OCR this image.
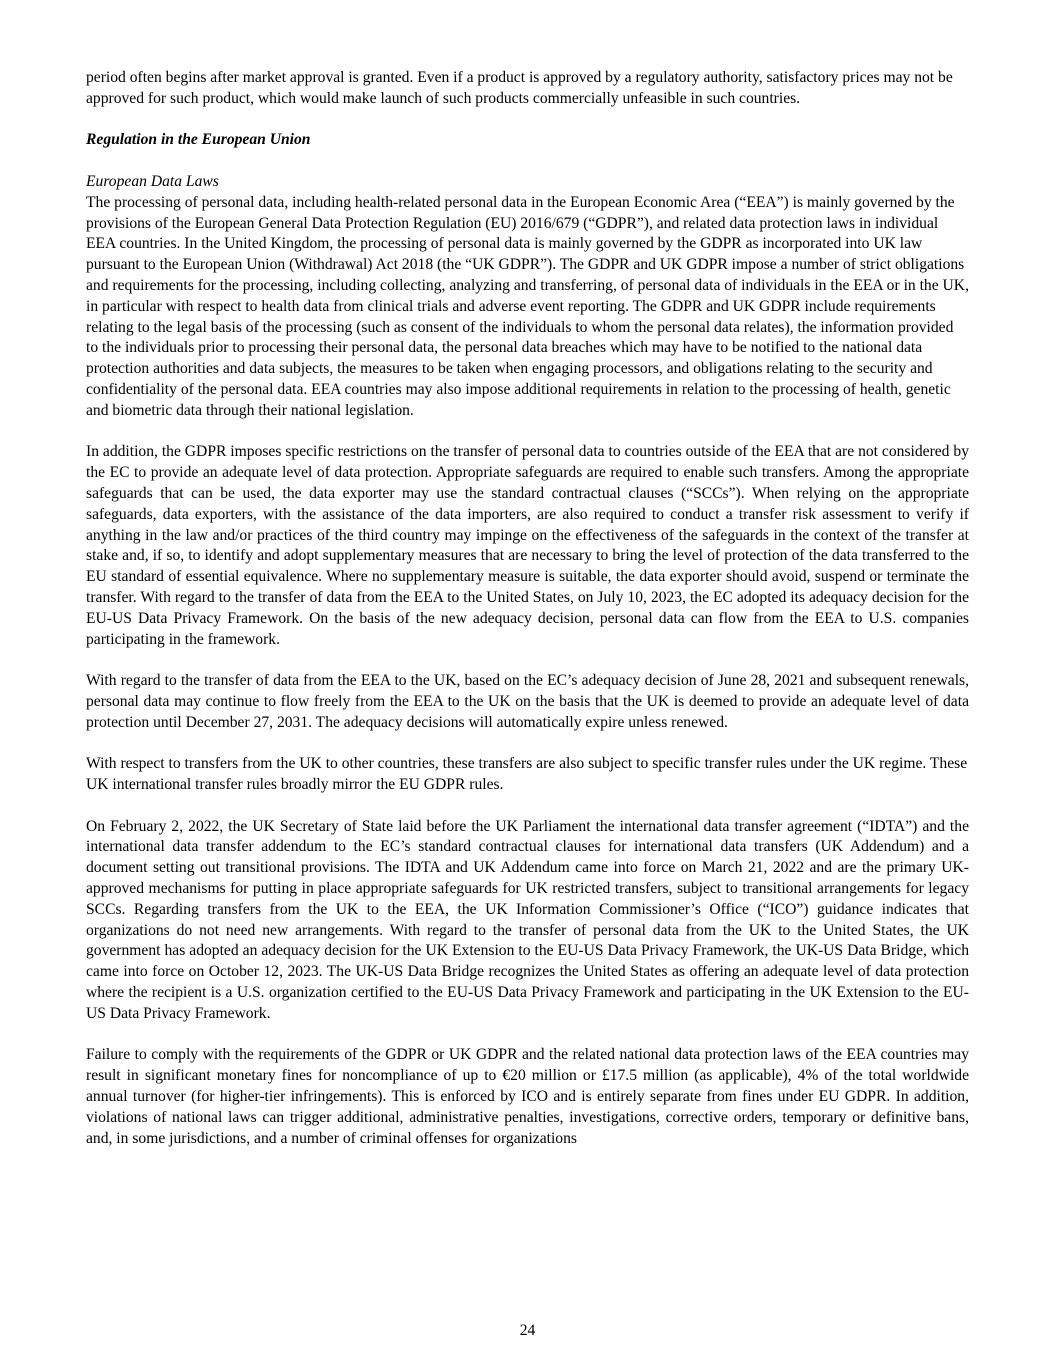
period often begins after market approval is granted. Even if a product is approved by a regulatory authority, satisfactory prices may not be approved for such product, which would make launch of such products commercially unfeasible in such countries.

Regulation in the European Union

European Data Laws

The processing of personal data, including health-related personal data in the European Economic Area (“EEA”) is mainly governed by the provisions of the European General Data Protection Regulation (EU) 2016/679 (“GDPR”), and related data protection laws in individual EEA countries. In the United Kingdom, the processing of personal data is mainly governed by the GDPR as incorporated into UK law pursuant to the European Union (Withdrawal) Act 2018 (the “UK GDPR”). The GDPR and UK GDPR impose a number of strict obligations and requirements for the processing, including collecting, analyzing and transferring, of personal data of individuals in the EEA or in the UK, in particular with respect to health data from clinical trials and adverse event reporting. The GDPR and UK GDPR include requirements relating to the legal basis of the processing (such as consent of the individuals to whom the personal data relates), the information provided to the individuals prior to processing their personal data, the personal data breaches which may have to be notified to the national data protection authorities and data subjects, the measures to be taken when engaging processors, and obligations relating to the security and confidentiality of the personal data. EEA countries may also impose additional requirements in relation to the processing of health, genetic and biometric data through their national legislation.

In addition, the GDPR imposes specific restrictions on the transfer of personal data to countries outside of the EEA that are not considered by the EC to provide an adequate level of data protection. Appropriate safeguards are required to enable such transfers. Among the appropriate safeguards that can be used, the data exporter may use the standard contractual clauses (“SCCs”). When relying on the appropriate safeguards, data exporters, with the assistance of the data importers, are also required to conduct a transfer risk assessment to verify if anything in the law and/or practices of the third country may impinge on the effectiveness of the safeguards in the context of the transfer at stake and, if so, to identify and adopt supplementary measures that are necessary to bring the level of protection of the data transferred to the EU standard of essential equivalence. Where no supplementary measure is suitable, the data exporter should avoid, suspend or terminate the transfer. With regard to the transfer of data from the EEA to the United States, on July 10, 2023, the EC adopted its adequacy decision for the EU-US Data Privacy Framework. On the basis of the new adequacy decision, personal data can flow from the EEA to U.S. companies participating in the framework.

With regard to the transfer of data from the EEA to the UK, based on the EC’s adequacy decision of June 28, 2021 and subsequent renewals, personal data may continue to flow freely from the EEA to the UK on the basis that the UK is deemed to provide an adequate level of data protection until December 27, 2031. The adequacy decisions will automatically expire unless renewed.

With respect to transfers from the UK to other countries, these transfers are also subject to specific transfer rules under the UK regime. These UK international transfer rules broadly mirror the EU GDPR rules.

On February 2, 2022, the UK Secretary of State laid before the UK Parliament the international data transfer agreement (“IDTA”) and the international data transfer addendum to the EC’s standard contractual clauses for international data transfers (UK Addendum) and a document setting out transitional provisions. The IDTA and UK Addendum came into force on March 21, 2022 and are the primary UK-approved mechanisms for putting in place appropriate safeguards for UK restricted transfers, subject to transitional arrangements for legacy SCCs. Regarding transfers from the UK to the EEA, the UK Information Commissioner’s Office (“ICO”) guidance indicates that organizations do not need new arrangements. With regard to the transfer of personal data from the UK to the United States, the UK government has adopted an adequacy decision for the UK Extension to the EU-US Data Privacy Framework, the UK-US Data Bridge, which came into force on October 12, 2023. The UK-US Data Bridge recognizes the United States as offering an adequate level of data protection where the recipient is a U.S. organization certified to the EU-US Data Privacy Framework and participating in the UK Extension to the EU-US Data Privacy Framework.

Failure to comply with the requirements of the GDPR or UK GDPR and the related national data protection laws of the EEA countries may result in significant monetary fines for noncompliance of up to €20 million or £17.5 million (as applicable), 4% of the total worldwide annual turnover (for higher-tier infringements). This is enforced by ICO and is entirely separate from fines under EU GDPR. In addition, violations of national laws can trigger additional, administrative penalties, investigations, corrective orders, temporary or definitive bans, and, in some jurisdictions, and a number of criminal offenses for organizations

24
